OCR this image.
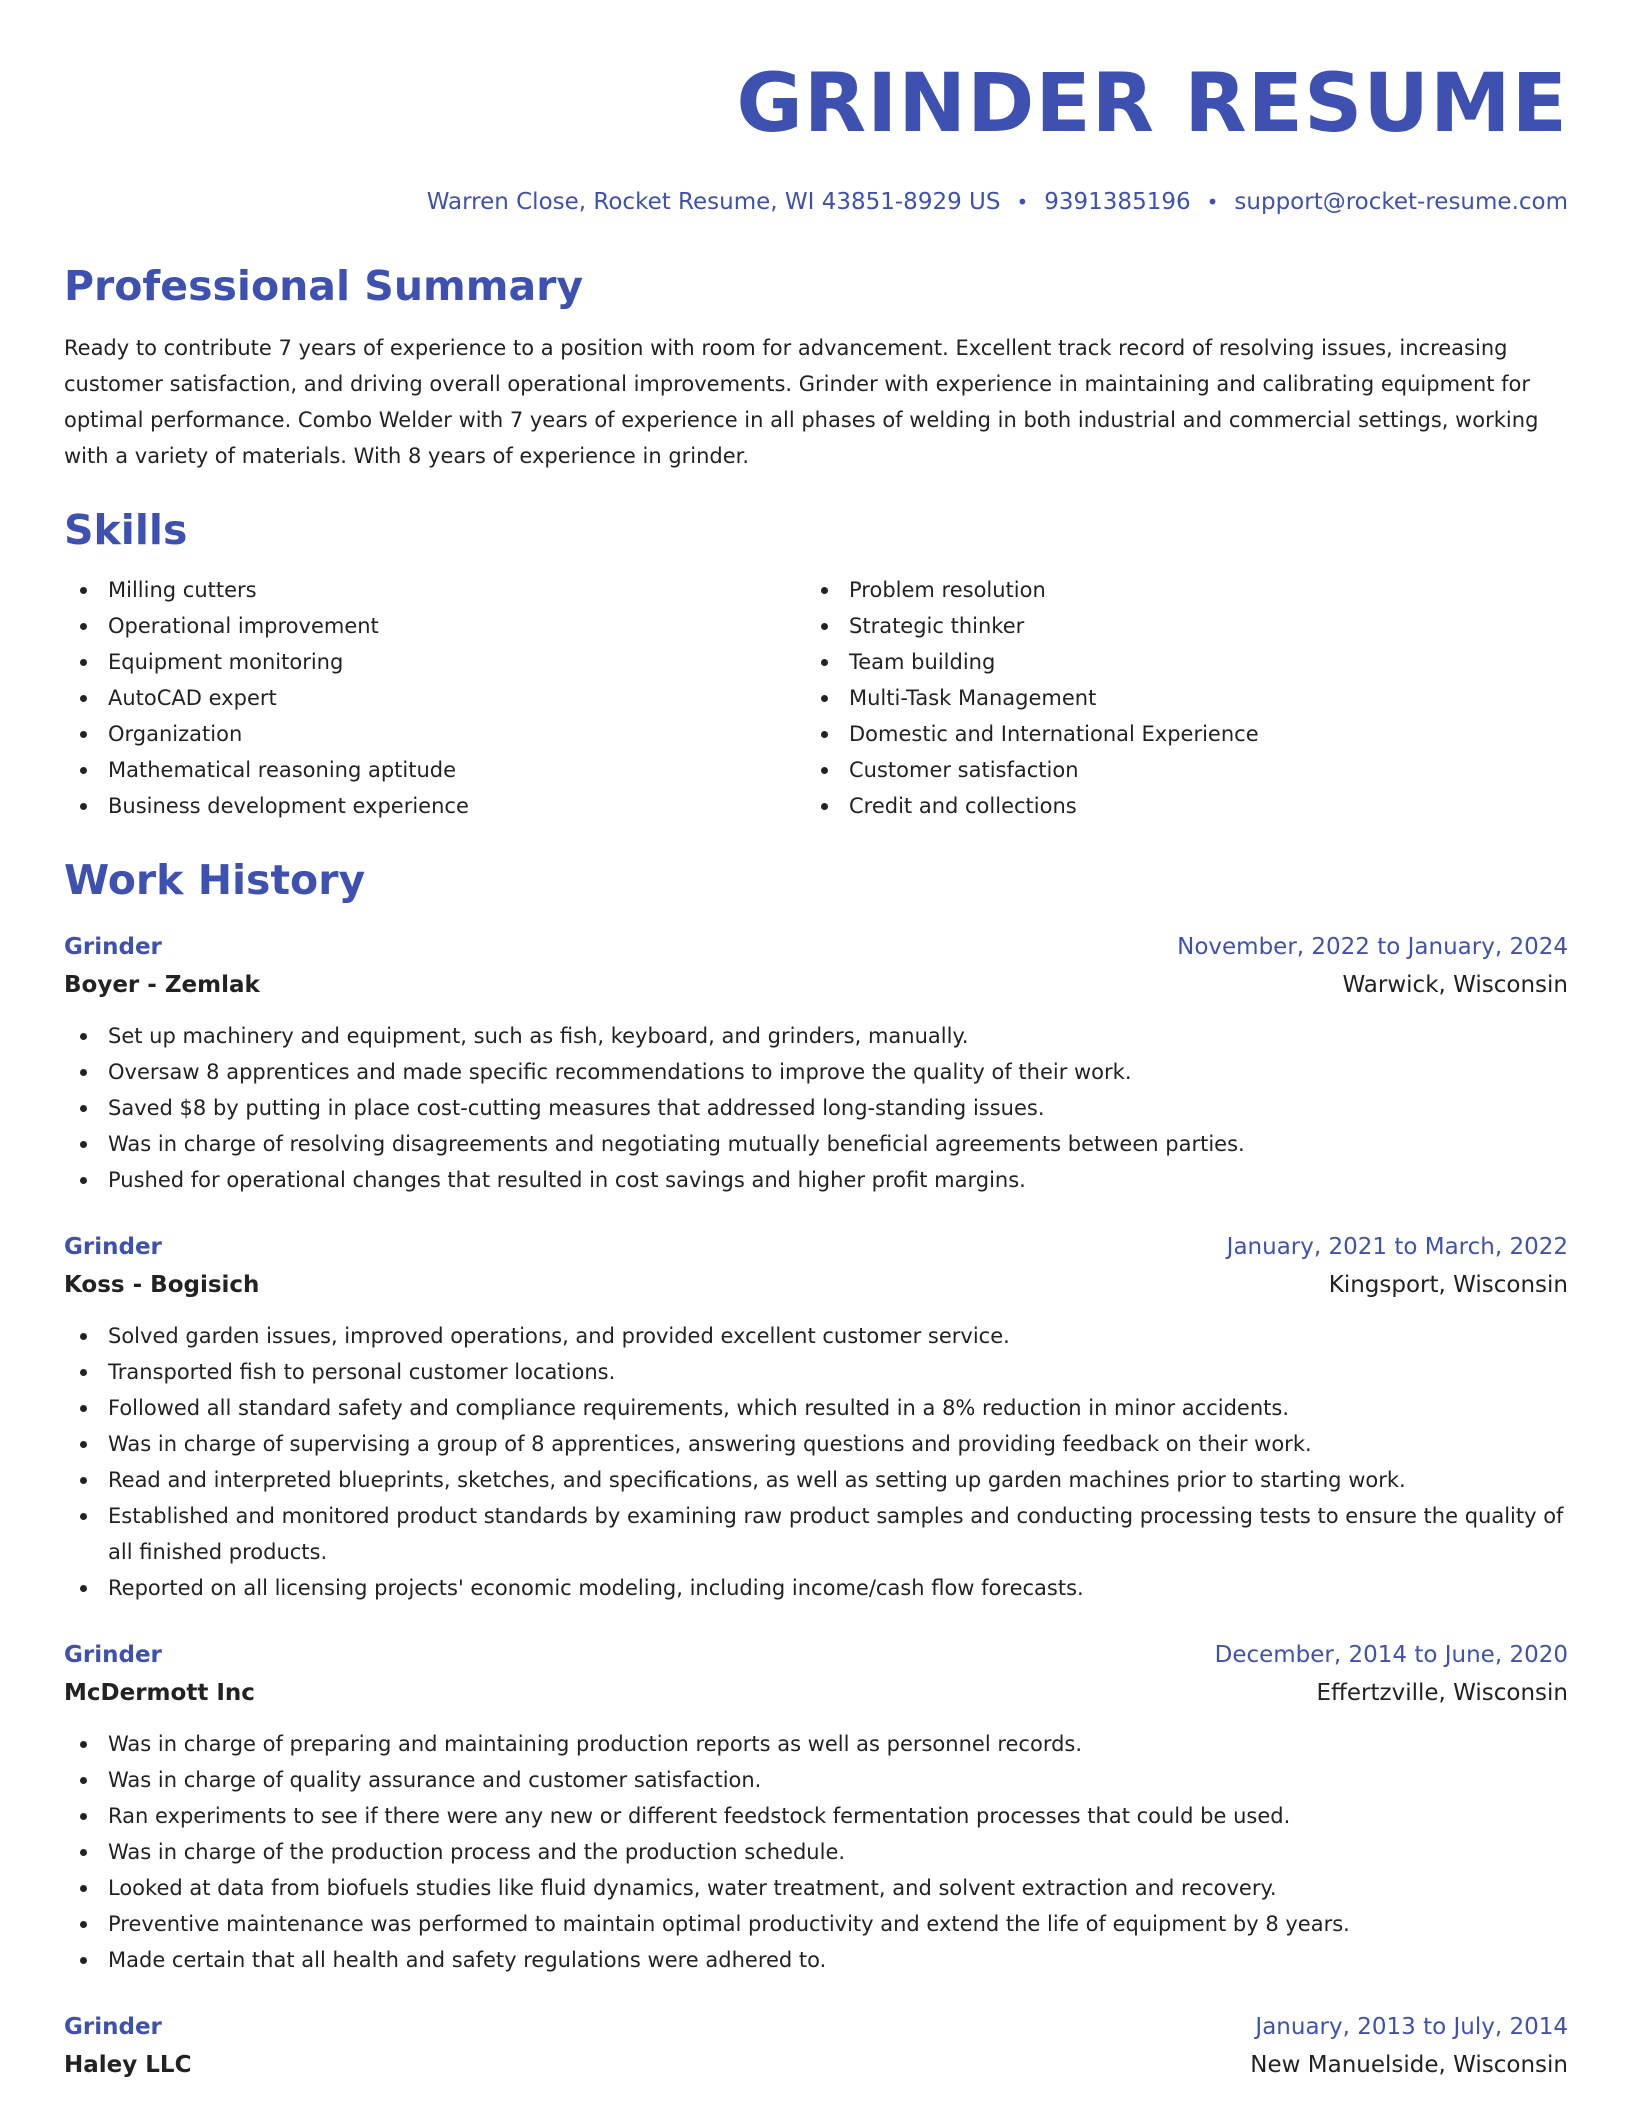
GRINDER RESUME
Warren Close, Rocket Resume, WI 43851-8929 US • 9391385196 • support@rocket-resume.com
Professional Summary

Ready to contribute 7 years of experience to a position with room for advancement. Excellent track record of resolving issues, increasing customer satisfaction, and driving overall operational improvements. Grinder with experience in maintaining and calibrating equipment for optimal performance. Combo Welder with 7 years of experience in all phases of welding in both industrial and commercial settings, working with a variety of materials. With 8 years of experience in grinder.

Skills
Milling cutters
Operational improvement
Equipment monitoring
AutoCAD expert
Organization
Mathematical reasoning aptitude
Business development experience
Problem resolution
Strategic thinker
Team building
Multi-Task Management
Domestic and International Experience
Customer satisfaction
Credit and collections
Work History
Grinder	November, 2022 to January, 2024
Boyer - Zemlak	Warwick, Wisconsin
Set up machinery and equipment, such as fish, keyboard, and grinders, manually.
Oversaw 8 apprentices and made specific recommendations to improve the quality of their work.
Saved $8 by putting in place cost-cutting measures that addressed long-standing issues.
Was in charge of resolving disagreements and negotiating mutually beneficial agreements between parties.
Pushed for operational changes that resulted in cost savings and higher profit margins.
Grinder	January, 2021 to March, 2022
Koss - Bogisich	Kingsport, Wisconsin
Solved garden issues, improved operations, and provided excellent customer service.
Transported fish to personal customer locations.
Followed all standard safety and compliance requirements, which resulted in a 8% reduction in minor accidents.
Was in charge of supervising a group of 8 apprentices, answering questions and providing feedback on their work.
Read and interpreted blueprints, sketches, and specifications, as well as setting up garden machines prior to starting work.
Established and monitored product standards by examining raw product samples and conducting processing tests to ensure the quality of all finished products.
Reported on all licensing projects' economic modeling, including income/cash flow forecasts.
Grinder	December, 2014 to June, 2020
McDermott Inc	Effertzville, Wisconsin
Was in charge of preparing and maintaining production reports as well as personnel records.
Was in charge of quality assurance and customer satisfaction.
Ran experiments to see if there were any new or different feedstock fermentation processes that could be used.
Was in charge of the production process and the production schedule.
Looked at data from biofuels studies like fluid dynamics, water treatment, and solvent extraction and recovery.
Preventive maintenance was performed to maintain optimal productivity and extend the life of equipment by 8 years.
Made certain that all health and safety regulations were adhered to.
Grinder	January, 2013 to July, 2014
Haley LLC	New Manuelside, Wisconsin
